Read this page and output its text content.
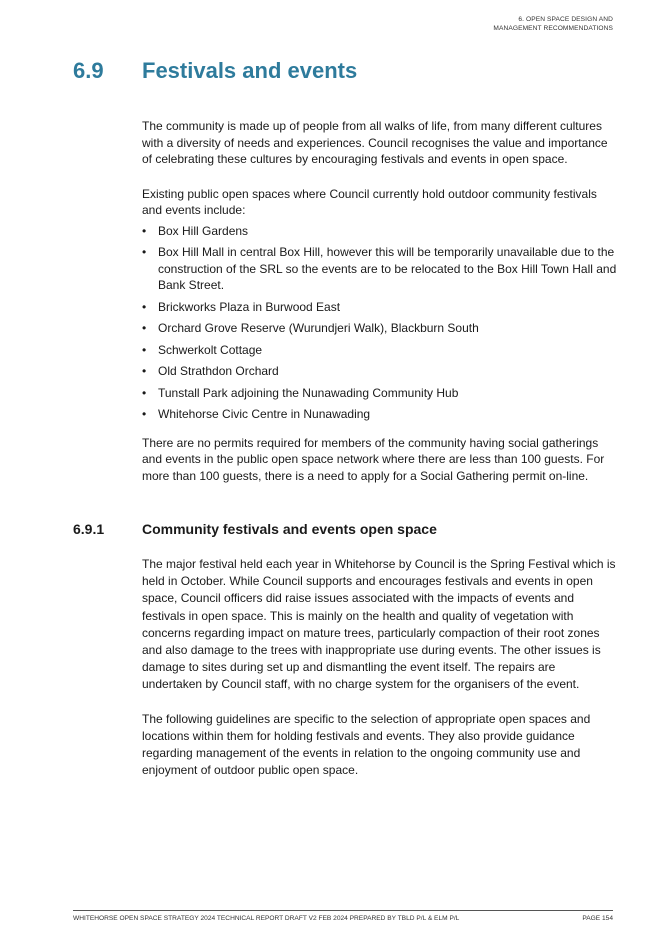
6. OPEN SPACE DESIGN AND
MANAGEMENT RECOMMENDATIONS
6.9 Festivals and events

The community is made up of people from all walks of life, from many different cultures with a diversity of needs and experiences. Council recognises the value and importance of celebrating these cultures by encouraging festivals and events in open space.

Existing public open spaces where Council currently hold outdoor community festivals and events include:

• Box Hill Gardens
• Box Hill Mall in central Box Hill, however this will be temporarily unavailable due to the construction of the SRL so the events are to be relocated to the Box Hill Town Hall and Bank Street.
• Brickworks Plaza in Burwood East
• Orchard Grove Reserve (Wurundjeri Walk), Blackburn South
• Schwerkolt Cottage
• Old Strathdon Orchard
• Tunstall Park adjoining the Nunawading Community Hub
• Whitehorse Civic Centre in Nunawading

There are no permits required for members of the community having social gatherings and events in the public open space network where there are less than 100 guests. For more than 100 guests, there is a need to apply for a Social Gathering permit on-line.

6.9.1	Community festivals and events open space

The major festival held each year in Whitehorse by Council is the Spring Festival which is held in October. While Council supports and encourages festivals and events in open space, Council officers did raise issues associated with the impacts of events and festivals in open space. This is mainly on the health and quality of vegetation with concerns regarding impact on mature trees, particularly compaction of their root zones and also damage to the trees with inappropriate use during events. The other issues is damage to sites during set up and dismantling the event itself. The repairs are undertaken by Council staff, with no charge system for the organisers of the event.

The following guidelines are specific to the selection of appropriate open spaces and locations within them for holding festivals and events. They also provide guidance regarding management of the events in relation to the ongoing community use and enjoyment of outdoor public open space.

WHITEHORSE OPEN SPACE STRATEGY 2024 TECHNICAL REPORT DRAFT V2 FEB 2024 PREPARED BY TBLD P/L & ELM P/L	PAGE 154
